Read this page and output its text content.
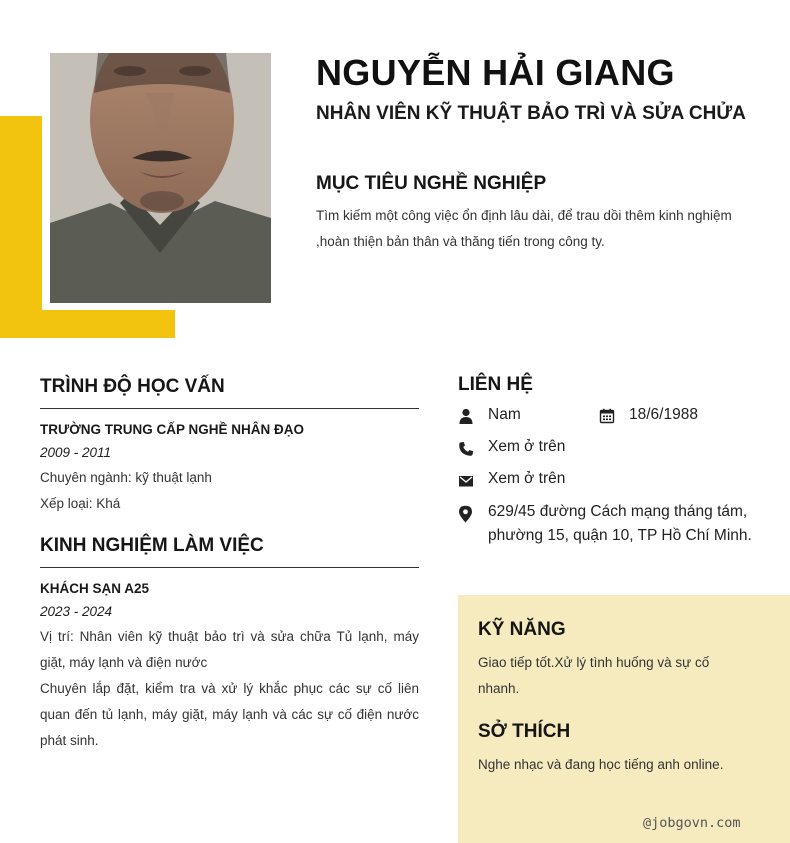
NGUYỄN HẢI GIANG
NHÂN VIÊN KỸ THUẬT BẢO TRÌ VÀ SỬA CHỬA
MỤC TIÊU NGHỀ NGHIỆP
Tìm kiếm một công việc ổn định lâu dài, để trau dồi thêm kinh nghiệm ,hoàn thiện bản thân và thăng tiến trong công ty.
TRÌNH ĐỘ HỌC VẤN
TRƯỜNG TRUNG CẤP NGHỀ NHÂN ĐẠO
2009 - 2011
Chuyên ngành: kỹ thuật lạnh
Xếp loại: Khá
KINH NGHIỆM LÀM VIỆC
KHÁCH SẠN A25
2023 - 2024
Vị trí: Nhân viên kỹ thuật bảo trì và sửa chữa Tủ lạnh, máy giặt, máy lạnh và điện nước
Chuyên lắp đặt, kiểm tra và xử lý khắc phục các sự cố liên quan đến tủ lạnh, máy giặt, máy lạnh và các sự cố điện nước phát sinh.
LIÊN HỆ
Nam	18/6/1988
Xem ở trên
Xem ở trên
629/45 đường Cách mạng tháng tám, phường 15, quận 10, TP Hồ Chí Minh.
KỸ NĂNG
Giao tiếp tốt.Xử lý tình huống và sự cố nhanh.
SỞ THÍCH
Nghe nhạc và đang học tiếng anh online.
@jobgovn.com
